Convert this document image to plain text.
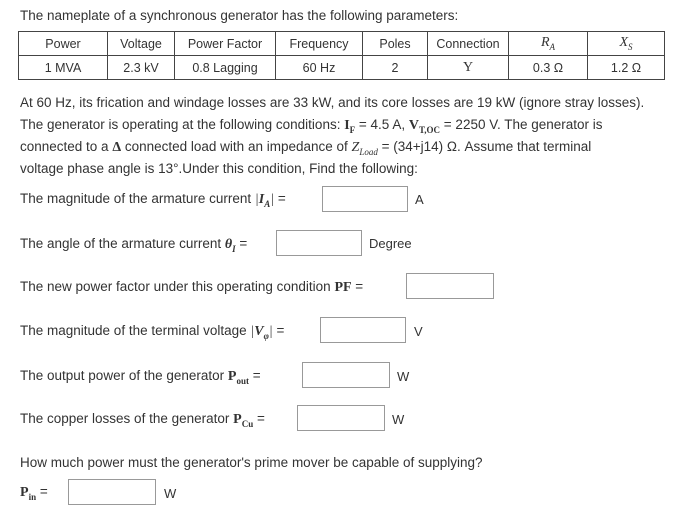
The nameplate of a synchronous generator has the following parameters:
Power	Voltage	Power Factor	Frequency	Poles	Connection	$R_A$	$X_S$
1 MVA	2.3 kV	0.8 Lagging	60 Hz	2	Y	0.3 Ω	1.2 Ω
At 60 Hz, its frication and windage losses are 33 kW, and its core losses are 19 kW (ignore stray losses).
The generator is operating at the following conditions: $I_F = 4.5$ A, $V_{T,OC} = 2250$ V. The generator is
connected to a Δ connected load with an impedance of $Z_{Load} = (34+j14)$ Ω. Assume that terminal
voltage phase angle is 13°.Under this condition, Find the following:
The magnitude of the armature current $|I_A|$ =	A
The angle of the armature current $\theta_I$ =	Degree
The new power factor under this operating condition PF =
The magnitude of the terminal voltage $|V_\varphi|$ =	V
The output power of the generator $P_{out}$ =	W
The copper losses of the generator $P_{Cu}$ =	W
How much power must the generator's prime mover be capable of supplying?
$P_{in}$ =	W
